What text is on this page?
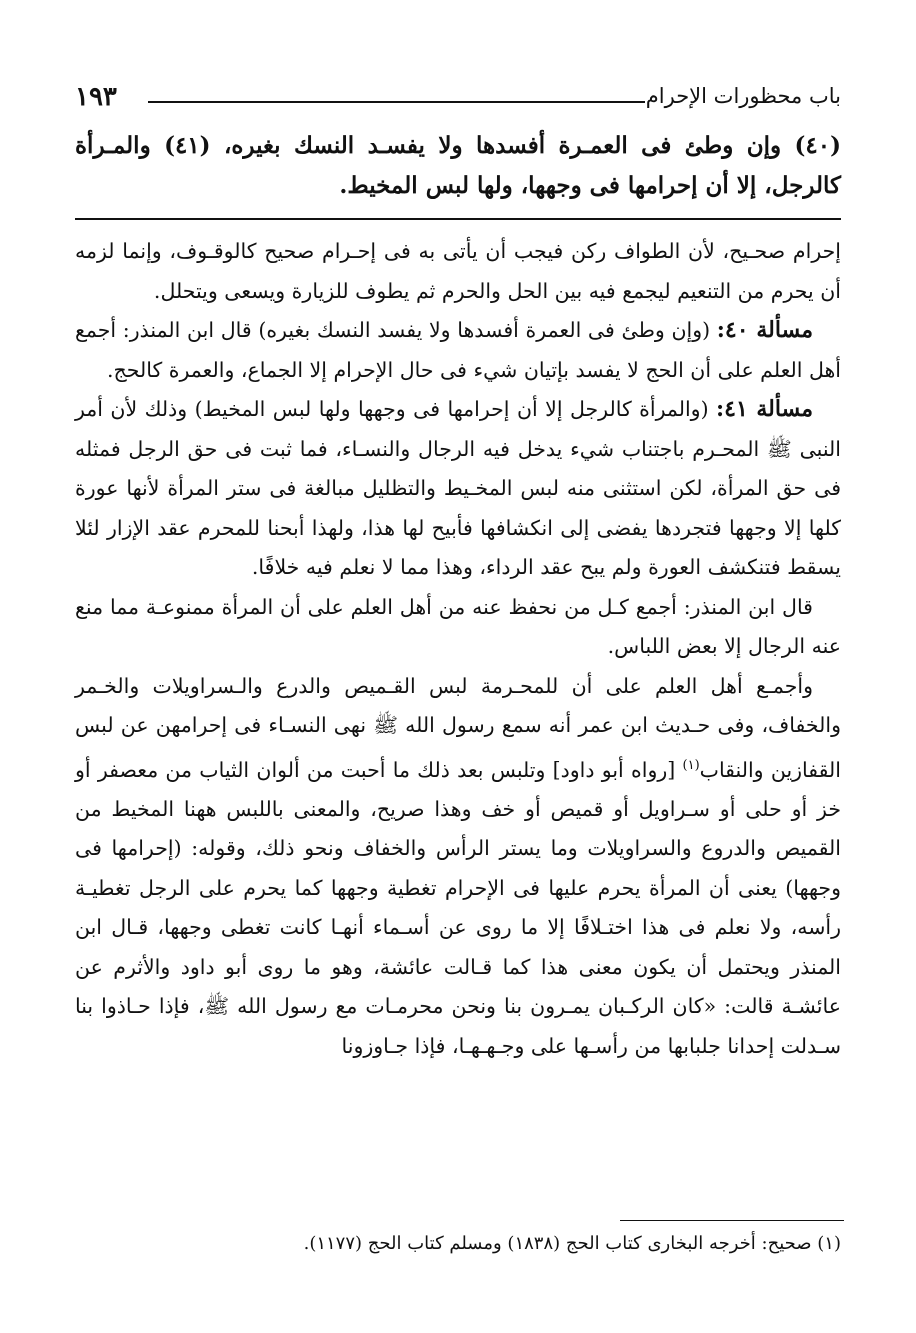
باب محظورات الإحرام
١٩٣
(٤٠) وإن وطئ فى العمـرة أفسدها ولا يفسـد النسك بغيره، (٤١) والمـرأة كالرجل، إلا أن إحرامها فى وجهها، ولها لبس المخيط.

إحرام صحـيح، لأن الطواف ركن فيجب أن يأتى به فى إحـرام صحيح كالوقـوف، وإنما لزمه أن يحرم من التنعيم ليجمع فيه بين الحل والحرم ثم يطوف للزيارة ويسعى ويتحلل.

مسألة ٤٠: (وإن وطئ فى العمرة أفسدها ولا يفسد النسك بغيره) قال ابن المنذر: أجمع أهل العلم على أن الحج لا يفسد بإتيان شيء فى حال الإحرام إلا الجماع، والعمرة كالحج.

مسألة ٤١: (والمرأة كالرجل إلا أن إحرامها فى وجهها ولها لبس المخيط) وذلك لأن أمر النبى ﷺ المحـرم باجتناب شيء يدخل فيه الرجال والنسـاء، فما ثبت فى حق الرجل فمثله فى حق المرأة، لكن استثنى منه لبس المخـيط والتظليل مبالغة فى ستر المرأة لأنها عورة كلها إلا وجهها فتجردها يفضى إلى انكشافها فأبيح لها هذا، ولهذا أبحنا للمحرم عقد الإزار لئلا يسقط فتنكشف العورة ولم يبح عقد الرداء، وهذا مما لا نعلم فيه خلافًا.

قال ابن المنذر: أجمع كـل من نحفظ عنه من أهل العلم على أن المرأة ممنوعـة مما منع عنه الرجال إلا بعض اللباس.

وأجمـع أهل العلم على أن للمحـرمة لبس القـميص والدرع والـسراويلات والخـمر والخفاف، وفى حـديث ابن عمر أنه سمع رسول الله ﷺ نهى النسـاء فى إحرامهن عن لبس القفازين والنقاب$^{(١)}$ [رواه أبو داود] وتلبس بعد ذلك ما أحبت من ألوان الثياب من معصفر أو خز أو حلى أو سـراويل أو قميص أو خف وهذا صريح، والمعنى باللبس ههنا المخيط من القميص والدروع والسراويلات وما يستر الرأس والخفاف ونحو ذلك، وقوله: (إحرامها فى وجهها) يعنى أن المرأة يحرم عليها فى الإحرام تغطية وجهها كما يحرم على الرجل تغطيـة رأسه، ولا نعلم فى هذا اختـلافًا إلا ما روى عن أسـماء أنهـا كانت تغطى وجهها، قـال ابن المنذر ويحتمل أن يكون معنى هذا كما قـالت عائشة، وهو ما روى أبو داود والأثرم عن عائشـة قالت: «كان الركـبان يمـرون بنا ونحن محرمـات مع رسول الله ﷺ، فإذا حـاذوا بنا سـدلت إحدانا جلبابها من رأسـها على وجـهـهـا، فإذا جـاوزونا

(١) صحيح: أخرجه البخارى كتاب الحج (١٨٣٨) ومسلم كتاب الحج (١١٧٧).
